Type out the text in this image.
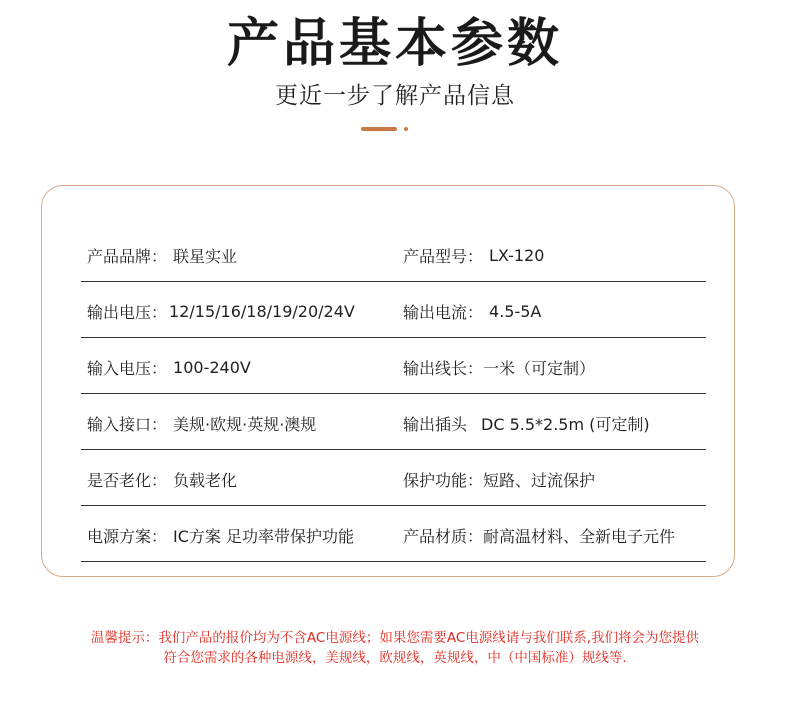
产品基本参数
更近一步了解产品信息
产品品牌： 联星实业	产品型号： LX-120
输出电压： 12/15/16/18/19/20/24V	输出电流： 4.5-5A
输入电压： 100-240V	输出线长： 一米（可定制）
输入接口： 美规·欧规·英规·澳规	输出插头 DC 5.5*2.5m (可定制)
是否老化： 负载老化	保护功能： 短路、过流保护
电源方案： IC方案 足功率带保护功能	产品材质： 耐高温材料、全新电子元件
温馨提示：我们产品的报价均为不含AC电源线；如果您需要AC电源线请与我们联系,我们将会为您提供
符合您需求的各种电源线，美规线，欧规线，英规线，中（中国标准）规线等.
